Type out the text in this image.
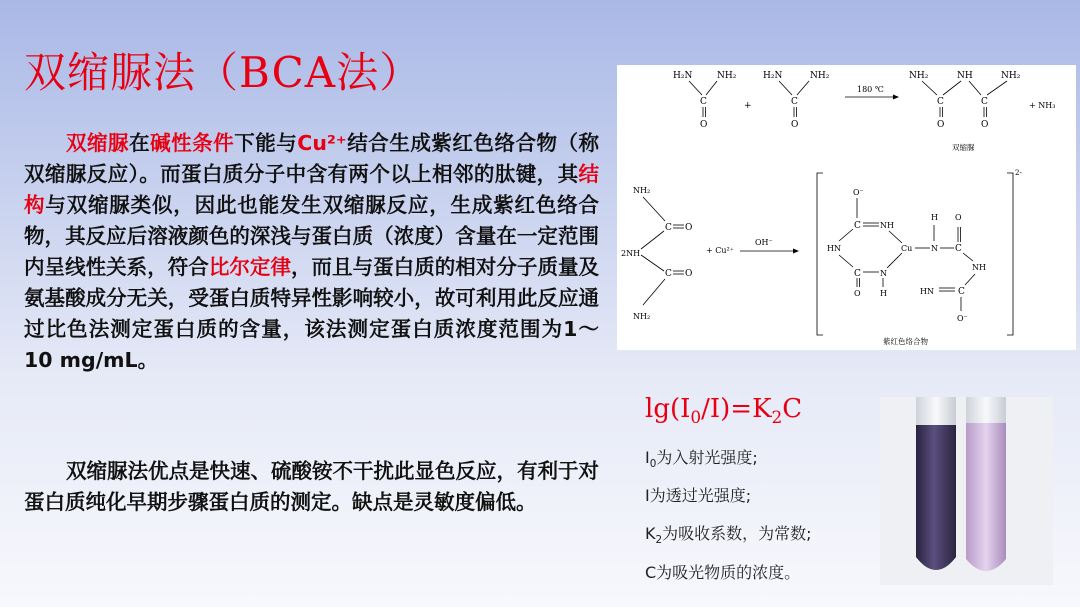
双缩脲法（BCA法）
双缩脲在碱性条件下能与Cu²⁺结合生成紫红色络合物（称双缩脲反应）。而蛋白质分子中含有两个以上相邻的肽键，其结构与双缩脲类似，因此也能发生双缩脲反应，生成紫红色络合物，其反应后溶液颜色的深浅与蛋白质（浓度）含量在一定范围内呈线性关系，符合比尔定律，而且与蛋白质的相对分子质量及氨基酸成分无关，受蛋白质特异性影响较小，故可利用此反应通过比色法测定蛋白质的含量，该法测定蛋白质浓度范围为1～10 mg/mL。
双缩脲法优点是快速、硫酸铵不干扰此显色反应，有利于对蛋白质纯化早期步骤蛋白质的测定。缺点是灵敏度偏低。
H₂N	NH₂
C
O
+
H₂N	NH₂
C
O
180 ℃
NH₂	NH	NH₂
C	C
O	O
+ NH₃
双缩脲
NH₂
C O
2NH
C O
NH₂
+ Cu²⁺
OH⁻
2-
O⁻
C NH
HN
C
O
N
H
Cu N
H
C
O
NH
C
HN
O⁻
紫红色络合物
$\lg(I_0/I)=K_2C$
$I_0$为入射光强度;
I为透过光强度;
$K_2$为吸收系数，为常数;
C为吸光物质的浓度。
